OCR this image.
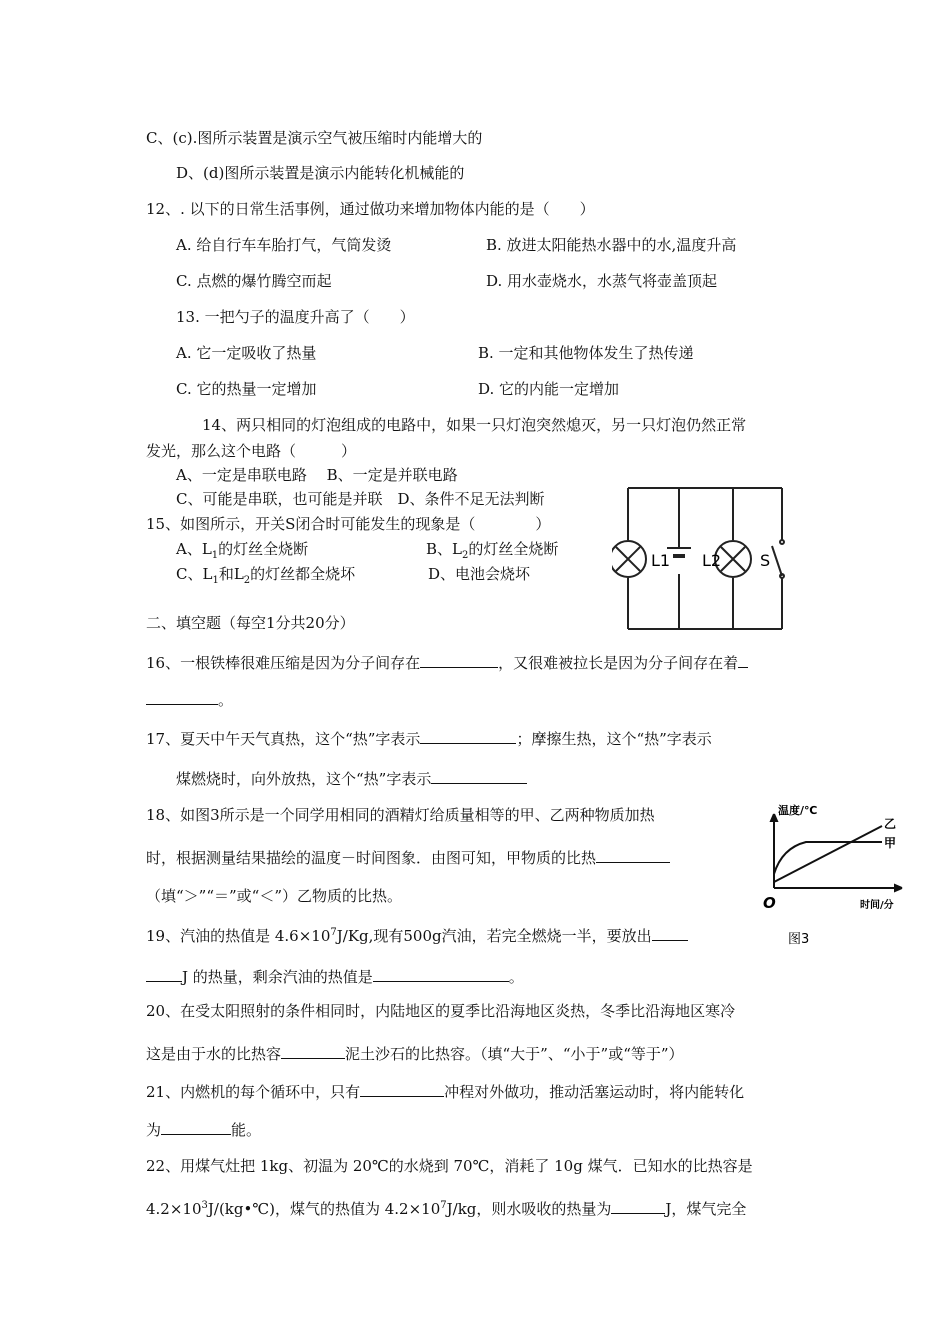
C、(c).图所示装置是演示空气被压缩时内能增大的
D、(d)图所示装置是演示内能转化机械能的
12、. 以下的日常生活事例，通过做功来增加物体内能的是（　　）
A. 给自行车车胎打气，气筒发烫	B. 放进太阳能热水器中的水,温度升高
C. 点燃的爆竹腾空而起	D. 用水壶烧水，水蒸气将壶盖顶起
13. 一把勺子的温度升高了（　　）
A. 它一定吸收了热量	B. 一定和其他物体发生了热传递
C. 它的热量一定增加	D. 它的内能一定增加
14、两只相同的灯泡组成的电路中，如果一只灯泡突然熄灭，另一只灯泡仍然正常
发光，那么这个电路（　　　）
A、一定是串联电路　 B、一定是并联电路
C、可能是串联，也可能是并联　D、条件不足无法判断
15、如图所示，开关S闭合时可能发生的现象是（　　　　）
A、$L_1$的灯丝全烧断	B、$L_2$的灯丝全烧断
C、$L_1$和$L_2$的灯丝都全烧坏	D、电池会烧坏
L1 L2 S
二、填空题（每空1分共20分）
16、一根铁棒很难压缩是因为分子间存在	，又很难被拉长是因为分子间存在着
。
17、夏天中午天气真热，这个“热”字表示	；摩擦生热，这个“热”字表示
煤燃烧时，向外放热，这个“热”字表示
18、如图3所示是一个同学用相同的酒精灯给质量相等的甲、乙两种物质加热
时，根据测量结果描绘的温度－时间图象．由图可知，甲物质的比热
（填“＞”“＝”或“＜”）乙物质的比热。
温度/℃
时间/分
O
乙
甲
图3
19、汽油的热值是 $4.6\times 10^7J/Kg$,现有500g汽油，若完全燃烧一半，要放出
J 的热量，剩余汽油的热值是	。
20、在受太阳照射的条件相同时，内陆地区的夏季比沿海地区炎热，冬季比沿海地区寒冷
这是由于水的比热容	泥土沙石的比热容。（填“大于”、“小于”或“等于”）
21、内燃机的每个循环中，只有	冲程对外做功，推动活塞运动时，将内能转化
为	能。
22、用煤气灶把 1kg、初温为 20℃的水烧到 70℃，消耗了 10g 煤气．已知水的比热容是
$4.2\times 10^3J/(kg•℃)$，煤气的热值为 $4.2\times 10^7J/kg$，则水吸收的热量为	J，煤气完全
